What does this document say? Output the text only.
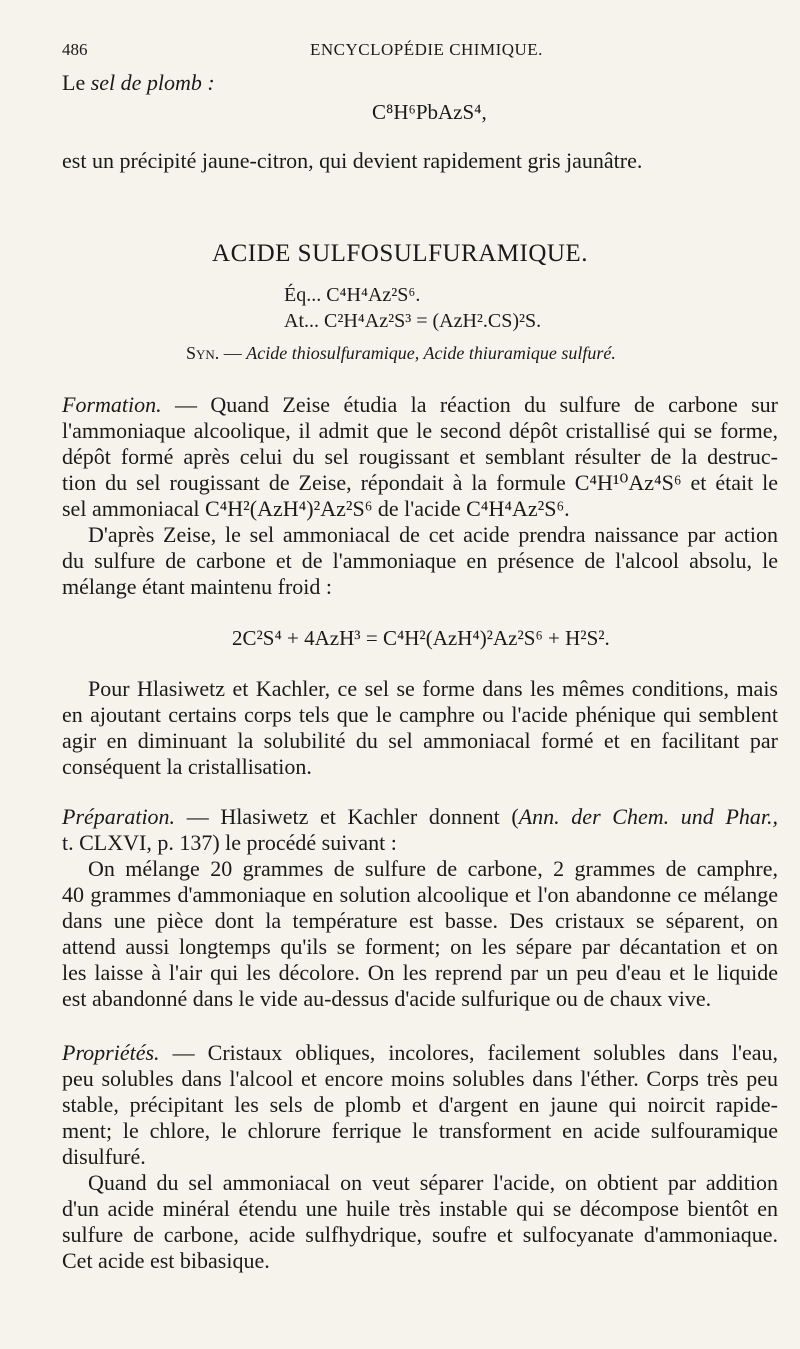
486	ENCYCLOPÉDIE CHIMIQUE.
Le sel de plomb :
C⁸H⁶PbAzS⁴,
est un précipité jaune-citron, qui devient rapidement gris jaunâtre.
ACIDE SULFOSULFURAMIQUE.
Éq... C⁴H⁴Az²S⁶.
At... C²H⁴Az²S³ = (AzH².CS)²S.
Syn. — Acide thiosulfuramique, Acide thiuramique sulfuré.
Formation. — Quand Zeise étudia la réaction du sulfure de carbone sur
l'ammoniaque alcoolique, il admit que le second dépôt cristallisé qui se forme,
dépôt formé après celui du sel rougissant et semblant résulter de la destruc-
tion du sel rougissant de Zeise, répondait à la formule C⁴H¹⁰Az⁴S⁶ et était le
sel ammoniacal C⁴H²(AzH⁴)²Az²S⁶ de l'acide C⁴H⁴Az²S⁶.
D'après Zeise, le sel ammoniacal de cet acide prendra naissance par action
du sulfure de carbone et de l'ammoniaque en présence de l'alcool absolu, le
mélange étant maintenu froid :
2C²S⁴ + 4AzH³ = C⁴H²(AzH⁴)²Az²S⁶ + H²S².
Pour Hlasiwetz et Kachler, ce sel se forme dans les mêmes conditions, mais
en ajoutant certains corps tels que le camphre ou l'acide phénique qui semblent
agir en diminuant la solubilité du sel ammoniacal formé et en facilitant par
conséquent la cristallisation.
Préparation. — Hlasiwetz et Kachler donnent (Ann. der Chem. und Phar.,
t. CLXVI, p. 137) le procédé suivant :
On mélange 20 grammes de sulfure de carbone, 2 grammes de camphre,
40 grammes d'ammoniaque en solution alcoolique et l'on abandonne ce mélange
dans une pièce dont la température est basse. Des cristaux se séparent, on
attend aussi longtemps qu'ils se forment; on les sépare par décantation et on
les laisse à l'air qui les décolore. On les reprend par un peu d'eau et le liquide
est abandonné dans le vide au-dessus d'acide sulfurique ou de chaux vive.
Propriétés. — Cristaux obliques, incolores, facilement solubles dans l'eau,
peu solubles dans l'alcool et encore moins solubles dans l'éther. Corps très peu
stable, précipitant les sels de plomb et d'argent en jaune qui noircit rapide-
ment; le chlore, le chlorure ferrique le transforment en acide sulfouramique
disulfuré.
Quand du sel ammoniacal on veut séparer l'acide, on obtient par addition
d'un acide minéral étendu une huile très instable qui se décompose bientôt en
sulfure de carbone, acide sulfhydrique, soufre et sulfocyanate d'ammoniaque.
Cet acide est bibasique.
